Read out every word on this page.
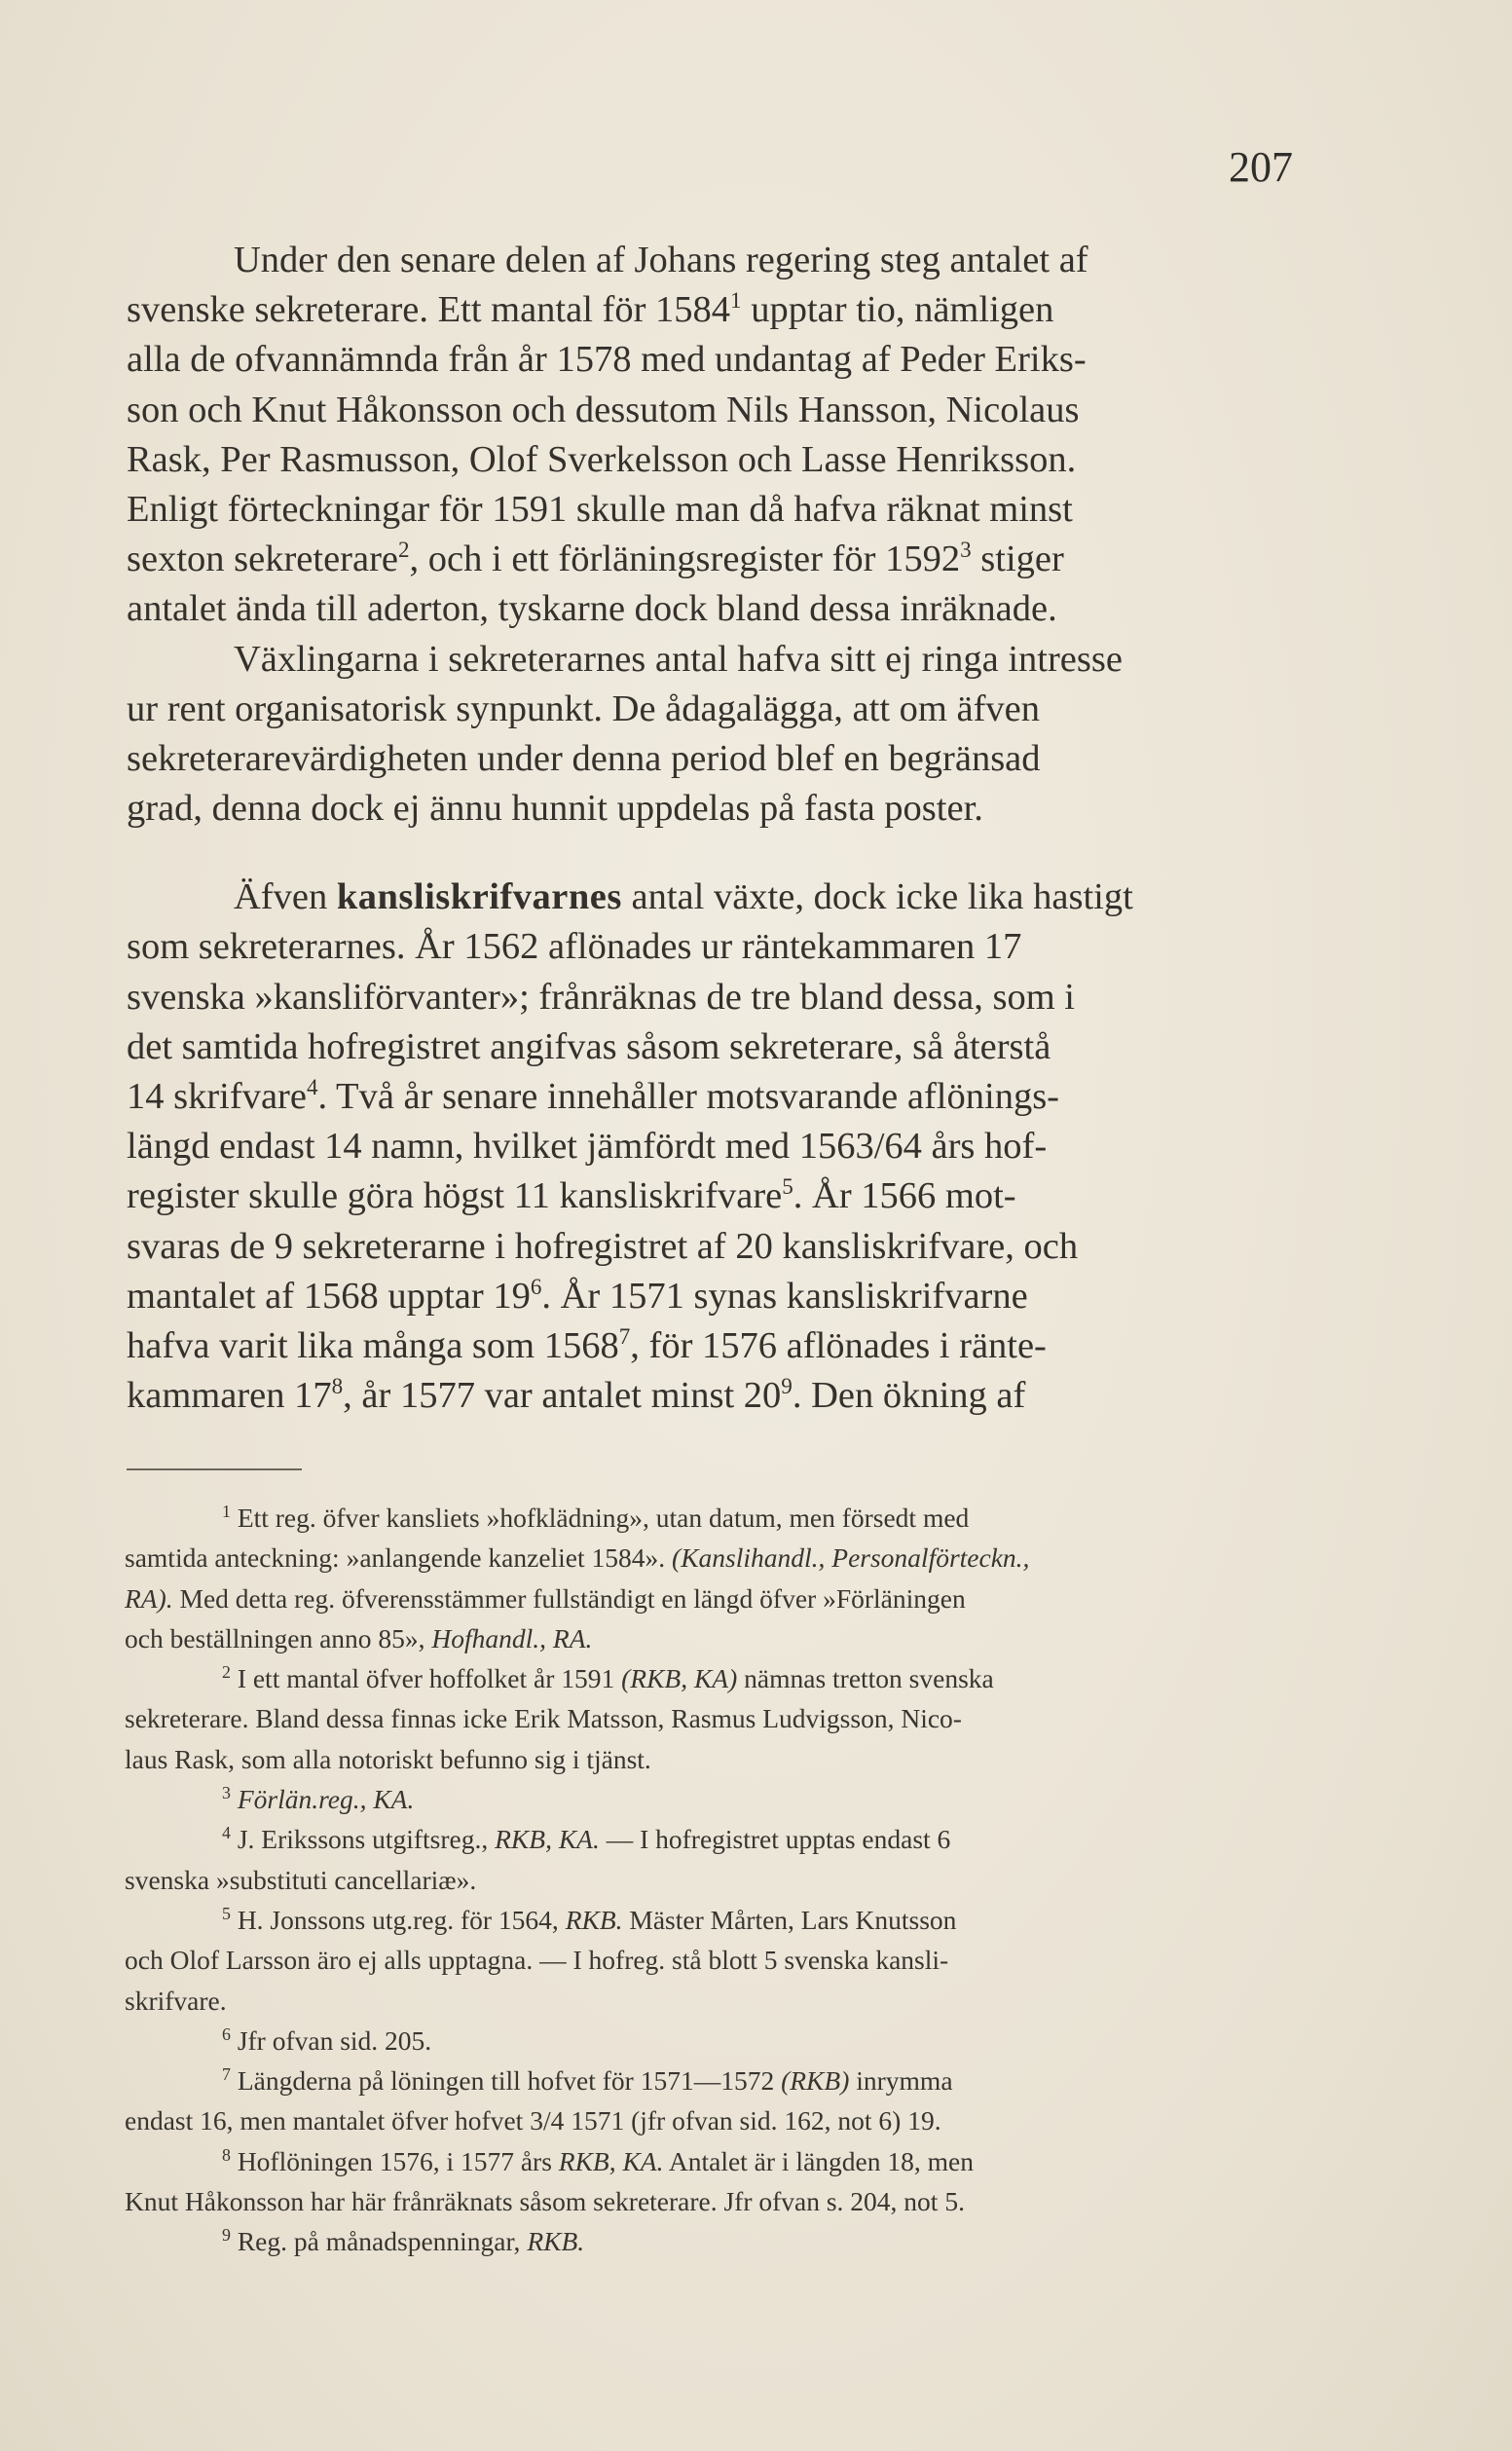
207
Under den senare delen af Johans regering steg antalet af
svenske sekreterare. Ett mantal för 1584$^1$ upptar tio, nämligen
alla de ofvannämnda från år 1578 med undantag af Peder Eriks-
son och Knut Håkonsson och dessutom Nils Hansson, Nicolaus
Rask, Per Rasmusson, Olof Sverkelsson och Lasse Henriksson.
Enligt förteckningar för 1591 skulle man då hafva räknat minst
sexton sekreterare$^2$, och i ett förläningsregister för 1592$^3$ stiger
antalet ända till aderton, tyskarne dock bland dessa inräknade.
Växlingarna i sekreterarnes antal hafva sitt ej ringa intresse
ur rent organisatorisk synpunkt. De ådagalägga, att om äfven
sekreterarevärdigheten under denna period blef en begränsad
grad, denna dock ej ännu hunnit uppdelas på fasta poster.
Äfven kansliskrifvarnes antal växte, dock icke lika hastigt
som sekreterarnes. År 1562 aflönades ur räntekammaren 17
svenska »kansliförvanter»; frånräknas de tre bland dessa, som i
det samtida hofregistret angifvas såsom sekreterare, så återstå
14 skrifvare$^4$. Två år senare innehåller motsvarande aflönings-
längd endast 14 namn, hvilket jämfördt med 1563/64 års hof-
register skulle göra högst 11 kansliskrifvare$^5$. År 1566 mot-
svaras de 9 sekreterarne i hofregistret af 20 kansliskrifvare, och
mantalet af 1568 upptar $19^6$. År 1571 synas kansliskrifvarne
hafva varit lika många som 1568$^7$, för 1576 aflönades i ränte-
kammaren $17^8$, år 1577 var antalet minst $20^9$. Den ökning af
$^1$ Ett reg. öfver kansliets »hofklädning», utan datum, men försedt med
samtida anteckning: »anlangende kanzeliet 1584». (Kanslihandl., Personalförteckn.,
RA). Med detta reg. öfverensstämmer fullständigt en längd öfver »Förläningen
och beställningen anno 85», Hofhandl., RA.
$^2$ I ett mantal öfver hoffolket år 1591 (RKB, KA) nämnas tretton svenska
sekreterare. Bland dessa finnas icke Erik Matsson, Rasmus Ludvigsson, Nico-
laus Rask, som alla notoriskt befunno sig i tjänst.
$^3$ Förlän.reg., KA.
$^4$ J. Erikssons utgiftsreg., RKB, KA. — I hofregistret upptas endast 6
svenska »substituti cancellariæ».
$^5$ H. Jonssons utg.reg. för 1564, RKB. Mäster Mårten, Lars Knutsson
och Olof Larsson äro ej alls upptagna. — I hofreg. stå blott 5 svenska kansli-
skrifvare.
$^6$ Jfr ofvan sid. 205.
$^7$ Längderna på löningen till hofvet för 1571—1572 (RKB) inrymma
endast 16, men mantalet öfver hofvet 3/4 1571 (jfr ofvan sid. 162, not 6) 19.
$^8$ Hoflöningen 1576, i 1577 års RKB, KA. Antalet är i längden 18, men
Knut Håkonsson har här frånräknats såsom sekreterare. Jfr ofvan s. 204, not 5.
$^9$ Reg. på månadspenningar, RKB.
